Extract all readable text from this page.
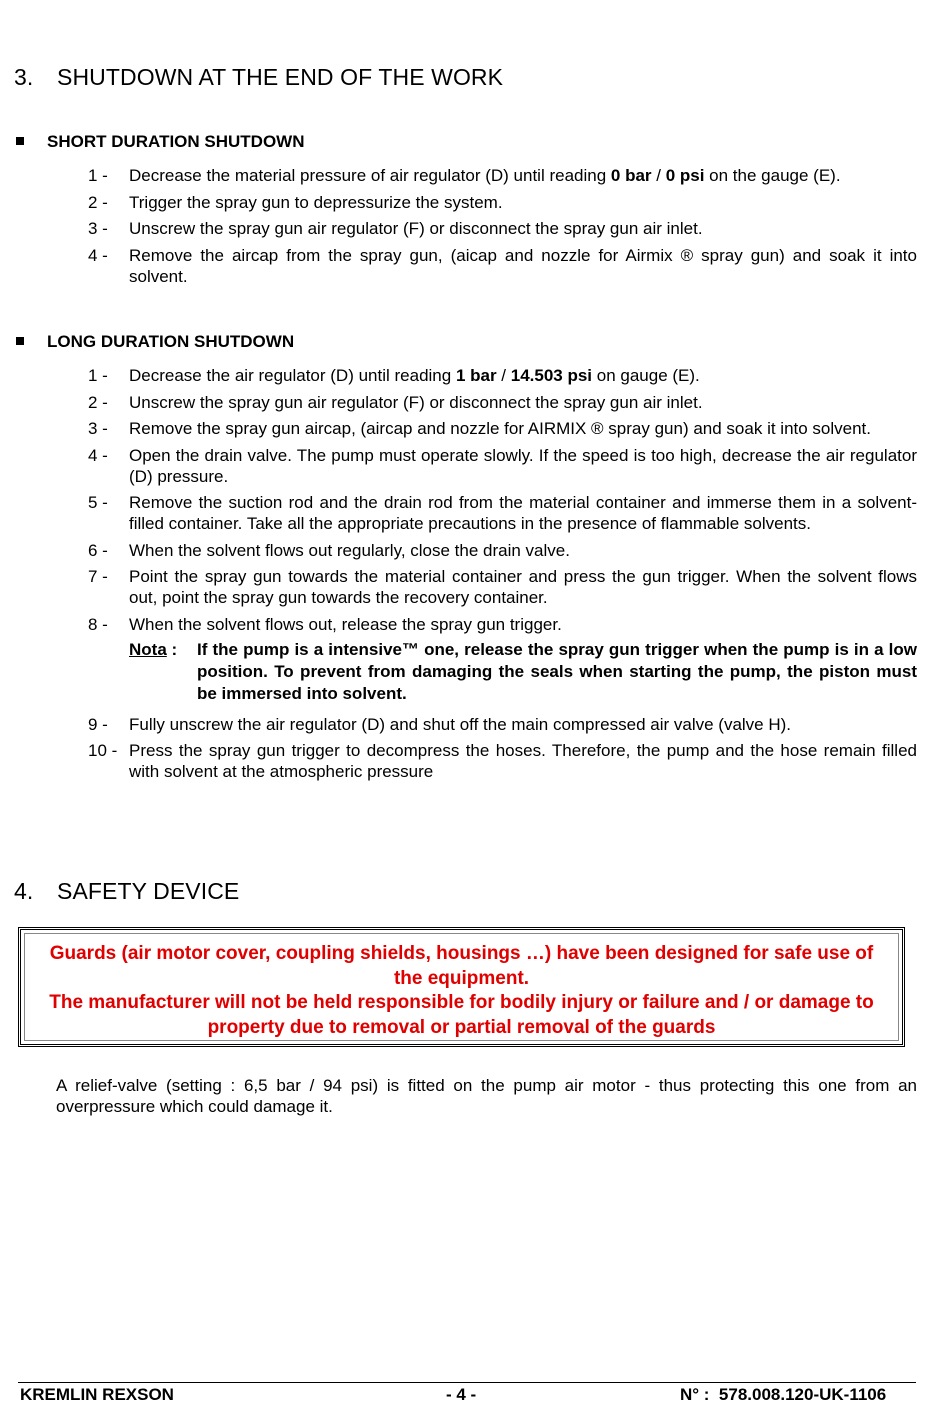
3. SHUTDOWN AT THE END OF THE WORK
SHORT DURATION SHUTDOWN
1 - Decrease the material pressure of air regulator (D) until reading 0 bar / 0 psi on the gauge (E).
2 - Trigger the spray gun to depressurize the system.
3 - Unscrew the spray gun air regulator (F) or disconnect the spray gun air inlet.
4 - Remove the aircap from the spray gun, (aicap and nozzle for Airmix ® spray gun) and soak it into solvent.
LONG DURATION SHUTDOWN
1 - Decrease the air regulator (D) until reading 1 bar / 14.503 psi on gauge (E).
2 - Unscrew the spray gun air regulator (F) or disconnect the spray gun air inlet.
3 - Remove the spray gun aircap, (aircap and nozzle for AIRMIX ® spray gun) and soak it into solvent.
4 - Open the drain valve. The pump must operate slowly. If the speed is too high, decrease the air regulator (D) pressure.
5 - Remove the suction rod and the drain rod from the material container and immerse them in a solvent-filled container. Take all the appropriate precautions in the presence of flammable solvents.
6 - When the solvent flows out regularly, close the drain valve.
7 - Point the spray gun towards the material container and press the gun trigger. When the solvent flows out, point the spray gun towards the recovery container.
8 - When the solvent flows out, release the spray gun trigger.
Nota : If the pump is a intensive™ one, release the spray gun trigger when the pump is in a low position. To prevent from damaging the seals when starting the pump, the piston must be immersed into solvent.
9 - Fully unscrew the air regulator (D) and shut off the main compressed air valve (valve H).
10 - Press the spray gun trigger to decompress the hoses. Therefore, the pump and the hose remain filled with solvent at the atmospheric pressure
4. SAFETY DEVICE

Guards (air motor cover, coupling shields, housings …) have been designed for safe use of the equipment.

The manufacturer will not be held responsible for bodily injury or failure and / or damage to property due to removal or partial removal of the guards

A relief-valve (setting : 6,5 bar / 94 psi) is fitted on the pump air motor - thus protecting this one from an overpressure which could damage it.
KREMLIN REXSON	- 4 -	N° :  578.008.120-UK-1106
